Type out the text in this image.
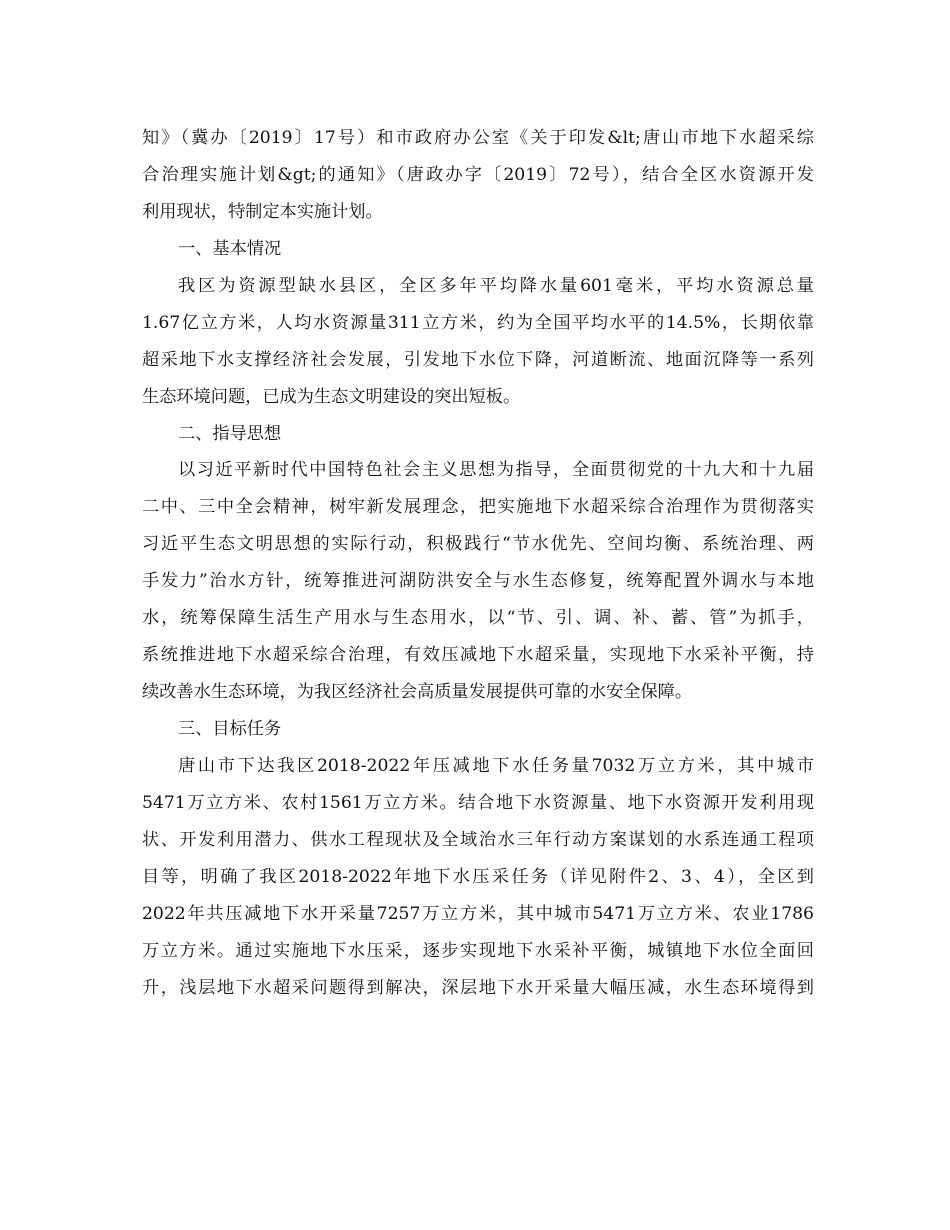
知》（冀办〔2019〕17号）和市政府办公室《关于印发&lt;唐山市地下水超采综
合治理实施计划&gt;的通知》（唐政办字〔2019〕72号），结合全区水资源开发
利用现状，特制定本实施计划。
一、基本情况
我区为资源型缺水县区，全区多年平均降水量601毫米，平均水资源总量
1.67亿立方米，人均水资源量311立方米，约为全国平均水平的14.5%，长期依靠
超采地下水支撑经济社会发展，引发地下水位下降，河道断流、地面沉降等一系列
生态环境问题，已成为生态文明建设的突出短板。
二、指导思想
以习近平新时代中国特色社会主义思想为指导，全面贯彻党的十九大和十九届
二中、三中全会精神，树牢新发展理念，把实施地下水超采综合治理作为贯彻落实
习近平生态文明思想的实际行动，积极践行“节水优先、空间均衡、系统治理、两
手发力”治水方针，统筹推进河湖防洪安全与水生态修复，统筹配置外调水与本地
水，统筹保障生活生产用水与生态用水，以“节、引、调、补、蓄、管”为抓手，
系统推进地下水超采综合治理，有效压减地下水超采量，实现地下水采补平衡，持
续改善水生态环境，为我区经济社会高质量发展提供可靠的水安全保障。
三、目标任务
唐山市下达我区2018-2022年压减地下水任务量7032万立方米，其中城市
5471万立方米、农村1561万立方米。结合地下水资源量、地下水资源开发利用现
状、开发利用潜力、供水工程现状及全域治水三年行动方案谋划的水系连通工程项
目等，明确了我区2018-2022年地下水压采任务（详见附件2、3、4），全区到
2022年共压减地下水开采量7257万立方米，其中城市5471万立方米、农业1786
万立方米。通过实施地下水压采，逐步实现地下水采补平衡，城镇地下水位全面回
升，浅层地下水超采问题得到解决，深层地下水开采量大幅压减，水生态环境得到
